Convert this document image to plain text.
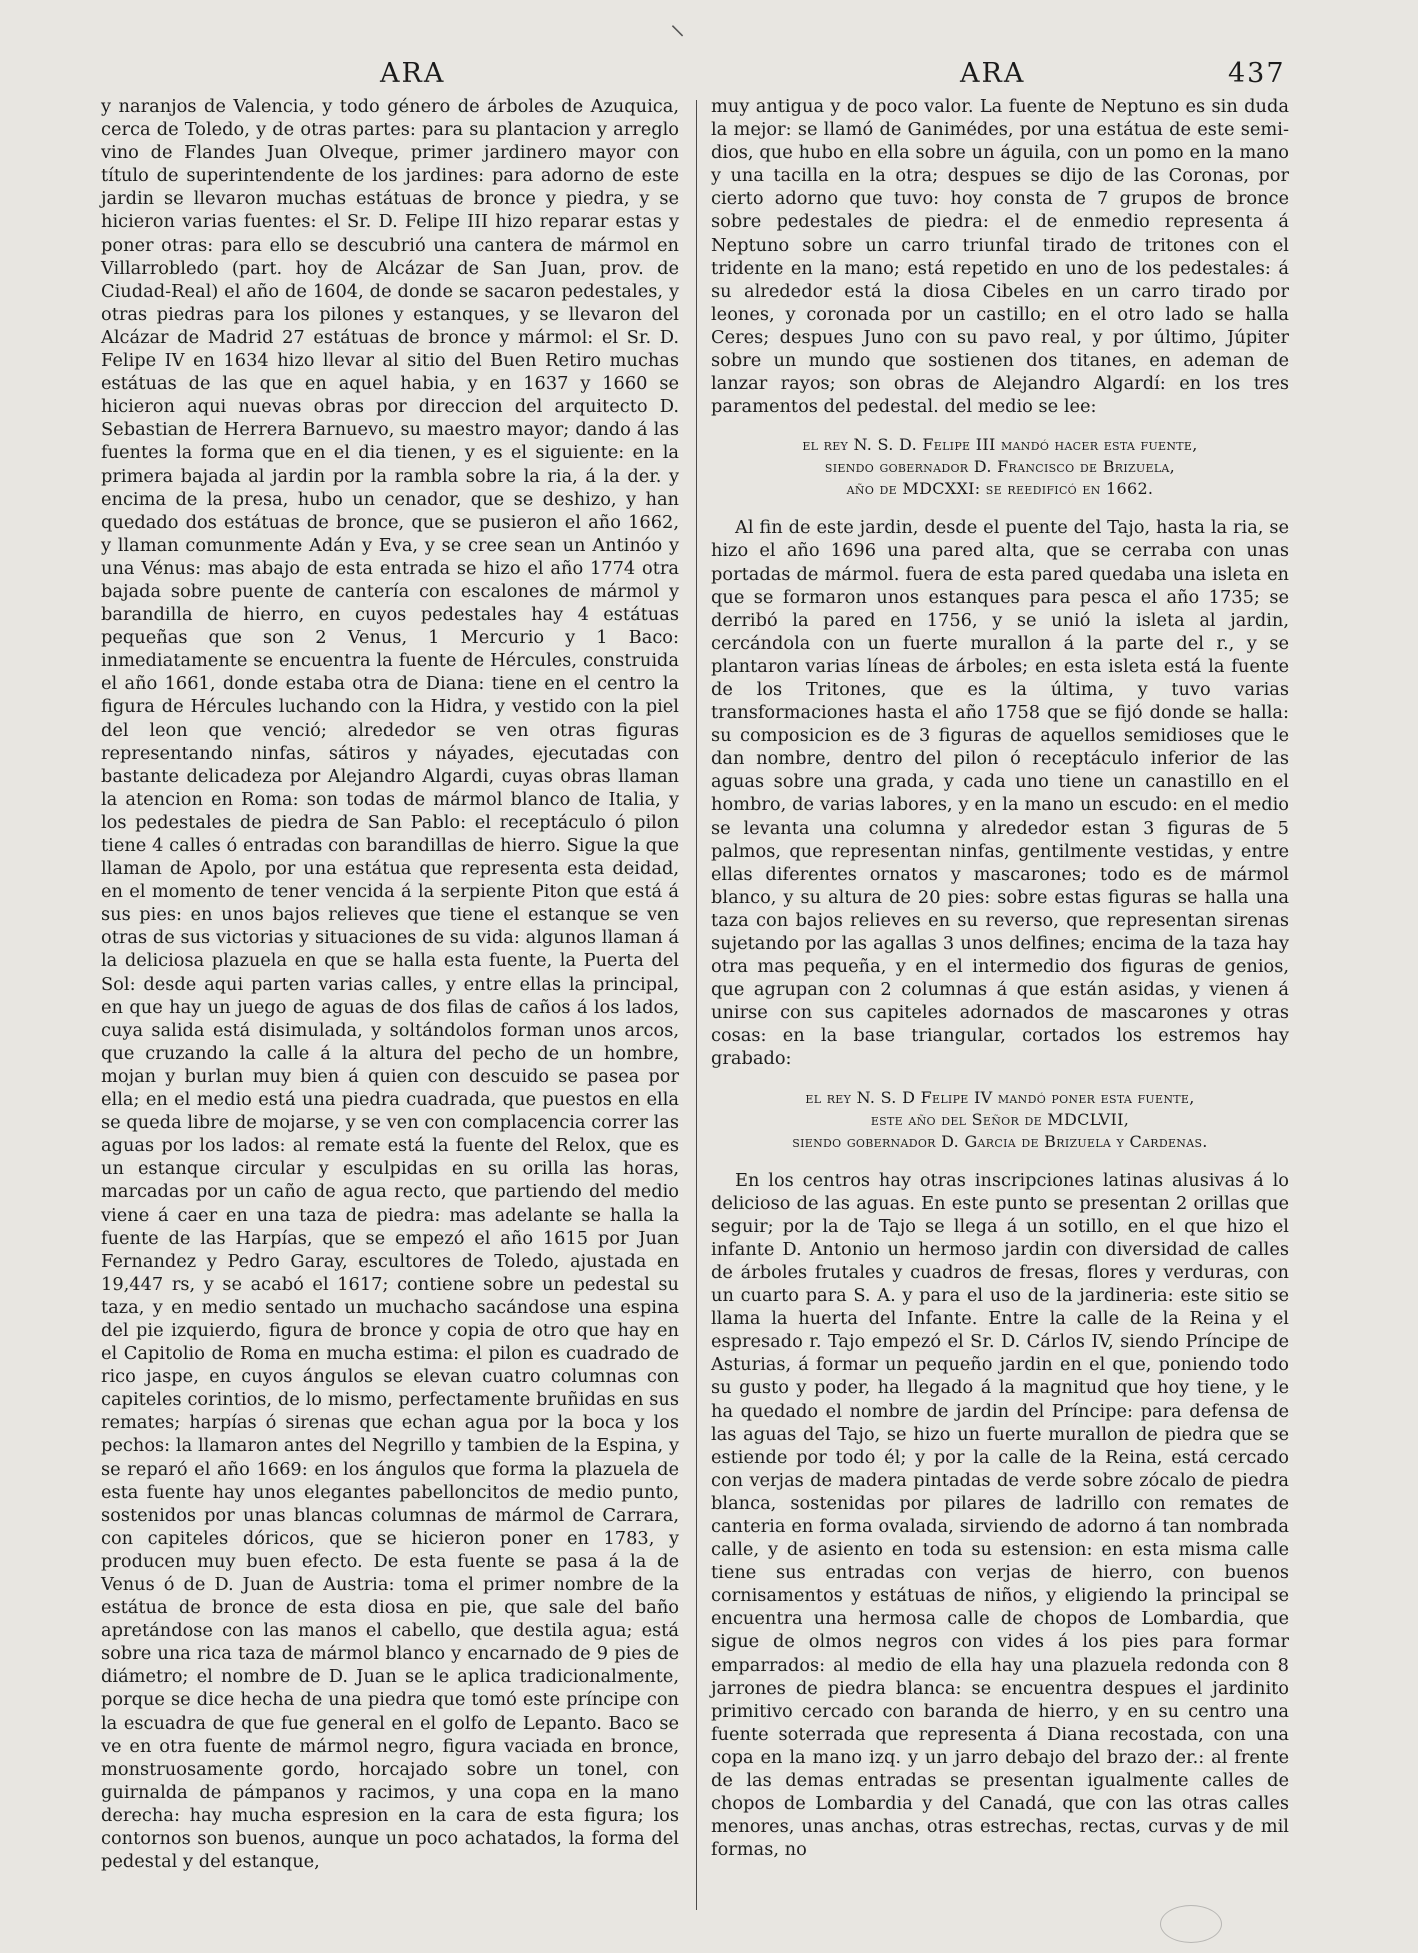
⸜
ARA	ARA	437

y naranjos de Valencia, y todo género de árboles de Azuquica, cerca de Toledo, y de otras partes: para su plantacion y arreglo vino de Flandes Juan Olveque, primer jardinero mayor con título de superintendente de los jardines: para adorno de este jardin se llevaron muchas estátuas de bronce y piedra, y se hicieron varias fuentes: el Sr. D. Felipe III hizo reparar estas y poner otras: para ello se descubrió una cantera de mármol en Villarrobledo (part. hoy de Alcázar de San Juan, prov. de Ciudad-Real) el año de 1604, de donde se sacaron pedestales, y otras piedras para los pilones y estanques, y se llevaron del Alcázar de Madrid 27 estátuas de bronce y mármol: el Sr. D. Felipe IV en 1634 hizo llevar al sitio del Buen Retiro muchas estátuas de las que en aquel habia, y en 1637 y 1660 se hicieron aqui nuevas obras por direccion del arquitecto D. Sebastian de Herrera Barnuevo, su maestro mayor; dando á las fuentes la forma que en el dia tienen, y es el siguiente: en la primera bajada al jardin por la rambla sobre la ria, á la der. y encima de la presa, hubo un cenador, que se deshizo, y han quedado dos estátuas de bronce, que se pusieron el año 1662, y llaman comunmente Adán y Eva, y se cree sean un Antinóo y una Vénus: mas abajo de esta entrada se hizo el año 1774 otra bajada sobre puente de cantería con escalones de mármol y barandilla de hierro, en cuyos pedestales hay 4 estátuas pequeñas que son 2 Venus, 1 Mercurio y 1 Baco: inmediatamente se encuentra la fuente de Hércules, construida el año 1661, donde estaba otra de Diana: tiene en el centro la figura de Hércules luchando con la Hidra, y vestido con la piel del leon que venció; alrededor se ven otras figuras representando ninfas, sátiros y náyades, ejecutadas con bastante delicadeza por Alejandro Algardi, cuyas obras llaman la atencion en Roma: son todas de mármol blanco de Italia, y los pedestales de piedra de San Pablo: el receptáculo ó pilon tiene 4 calles ó entradas con barandillas de hierro. Sigue la que llaman de Apolo, por una estátua que representa esta deidad, en el momento de tener vencida á la serpiente Piton que está á sus pies: en unos bajos relieves que tiene el estanque se ven otras de sus victorias y situaciones de su vida: algunos llaman á la deliciosa plazuela en que se halla esta fuente, la Puerta del Sol: desde aqui parten varias calles, y entre ellas la principal, en que hay un juego de aguas de dos filas de caños á los lados, cuya salida está disimulada, y soltándolos forman unos arcos, que cruzando la calle á la altura del pecho de un hombre, mojan y burlan muy bien á quien con descuido se pasea por ella; en el medio está una piedra cuadrada, que puestos en ella se queda libre de mojarse, y se ven con complacencia correr las aguas por los lados: al remate está la fuente del Relox, que es un estanque circular y esculpidas en su orilla las horas, marcadas por un caño de agua recto, que partiendo del medio viene á caer en una taza de piedra: mas adelante se halla la fuente de las Harpías, que se empezó el año 1615 por Juan Fernandez y Pedro Garay, escultores de Toledo, ajustada en 19,447 rs, y se acabó el 1617; contiene sobre un pedestal su taza, y en medio sentado un muchacho sacándose una espina del pie izquierdo, figura de bronce y copia de otro que hay en el Capitolio de Roma en mucha estima: el pilon es cuadrado de rico jaspe, en cuyos ángulos se elevan cuatro columnas con capiteles corintios, de lo mismo, perfectamente bruñidas en sus remates; harpías ó sirenas que echan agua por la boca y los pechos: la llamaron antes del Negrillo y tambien de la Espina, y se reparó el año 1669: en los ángulos que forma la plazuela de esta fuente hay unos elegantes pabelloncitos de medio punto, sostenidos por unas blancas columnas de mármol de Carrara, con capiteles dóricos, que se hicieron poner en 1783, y producen muy buen efecto. De esta fuente se pasa á la de Venus ó de D. Juan de Austria: toma el primer nombre de la estátua de bronce de esta diosa en pie, que sale del baño apretándose con las manos el cabello, que destila agua; está sobre una rica taza de mármol blanco y encarnado de 9 pies de diámetro; el nombre de D. Juan se le aplica tradicionalmente, porque se dice hecha de una piedra que tomó este príncipe con la escuadra de que fue general en el golfo de Lepanto. Baco se ve en otra fuente de mármol negro, figura vaciada en bronce, monstruosamente gordo, horcajado sobre un tonel, con guirnalda de pámpanos y racimos, y una copa en la mano derecha: hay mucha espresion en la cara de esta figura; los contornos son buenos, aunque un poco achatados, la forma del pedestal y del estanque,

muy antigua y de poco valor. La fuente de Neptuno es sin duda la mejor: se llamó de Ganimédes, por una estátua de este semi-dios, que hubo en ella sobre un águila, con un pomo en la mano y una tacilla en la otra; despues se dijo de las Coronas, por cierto adorno que tuvo: hoy consta de 7 grupos de bronce sobre pedestales de piedra: el de enmedio representa á Neptuno sobre un carro triunfal tirado de tritones con el tridente en la mano; está repetido en uno de los pedestales: á su alrededor está la diosa Cibeles en un carro tirado por leones, y coronada por un castillo; en el otro lado se halla Ceres; despues Juno con su pavo real, y por último, Júpiter sobre un mundo que sostienen dos titanes, en ademan de lanzar rayos; son obras de Alejandro Algardí: en los tres paramentos del pedestal. del medio se lee:

el rey N. S. D. Felipe III mandó hacer esta fuente,
siendo gobernador D. Francisco de Brizuela,
año de MDCXXI: se reedificó en 1662.

Al fin de este jardin, desde el puente del Tajo, hasta la ria, se hizo el año 1696 una pared alta, que se cerraba con unas portadas de mármol. fuera de esta pared quedaba una isleta en que se formaron unos estanques para pesca el año 1735; se derribó la pared en 1756, y se unió la isleta al jardin, cercándola con un fuerte murallon á la parte del r., y se plantaron varias líneas de árboles; en esta isleta está la fuente de los Tritones, que es la última, y tuvo varias transformaciones hasta el año 1758 que se fijó donde se halla: su composicion es de 3 figuras de aquellos semidioses que le dan nombre, dentro del pilon ó receptáculo inferior de las aguas sobre una grada, y cada uno tiene un canastillo en el hombro, de varias labores, y en la mano un escudo: en el medio se levanta una columna y alrededor estan 3 figuras de 5 palmos, que representan ninfas, gentilmente vestidas, y entre ellas diferentes ornatos y mascarones; todo es de mármol blanco, y su altura de 20 pies: sobre estas figuras se halla una taza con bajos relieves en su reverso, que representan sirenas sujetando por las agallas 3 unos delfines; encima de la taza hay otra mas pequeña, y en el intermedio dos figuras de genios, que agrupan con 2 columnas á que están asidas, y vienen á unirse con sus capiteles adornados de mascarones y otras cosas: en la base triangular, cortados los estremos hay grabado:

el rey N. S. D Felipe IV mandó poner esta fuente,
este año del Señor de MDCLVII,
siendo gobernador D. Garcia de Brizuela y Cardenas.

En los centros hay otras inscripciones latinas alusivas á lo delicioso de las aguas. En este punto se presentan 2 orillas que seguir; por la de Tajo se llega á un sotillo, en el que hizo el infante D. Antonio un hermoso jardin con diversidad de calles de árboles frutales y cuadros de fresas, flores y verduras, con un cuarto para S. A. y para el uso de la jardineria: este sitio se llama la huerta del Infante. Entre la calle de la Reina y el espresado r. Tajo empezó el Sr. D. Cárlos IV, siendo Príncipe de Asturias, á formar un pequeño jardin en el que, poniendo todo su gusto y poder, ha llegado á la magnitud que hoy tiene, y le ha quedado el nombre de jardin del Príncipe: para defensa de las aguas del Tajo, se hizo un fuerte murallon de piedra que se estiende por todo él; y por la calle de la Reina, está cercado con verjas de madera pintadas de verde sobre zócalo de piedra blanca, sostenidas por pilares de ladrillo con remates de canteria en forma ovalada, sirviendo de adorno á tan nombrada calle, y de asiento en toda su estension: en esta misma calle tiene sus entradas con verjas de hierro, con buenos cornisamentos y estátuas de niños, y eligiendo la principal se encuentra una hermosa calle de chopos de Lombardia, que sigue de olmos negros con vides á los pies para formar emparrados: al medio de ella hay una plazuela redonda con 8 jarrones de piedra blanca: se encuentra despues el jardinito primitivo cercado con baranda de hierro, y en su centro una fuente soterrada que representa á Diana recostada, con una copa en la mano izq. y un jarro debajo del brazo der.: al frente de las demas entradas se presentan igualmente calles de chopos de Lombardia y del Canadá, que con las otras calles menores, unas anchas, otras estrechas, rectas, curvas y de mil formas, no
